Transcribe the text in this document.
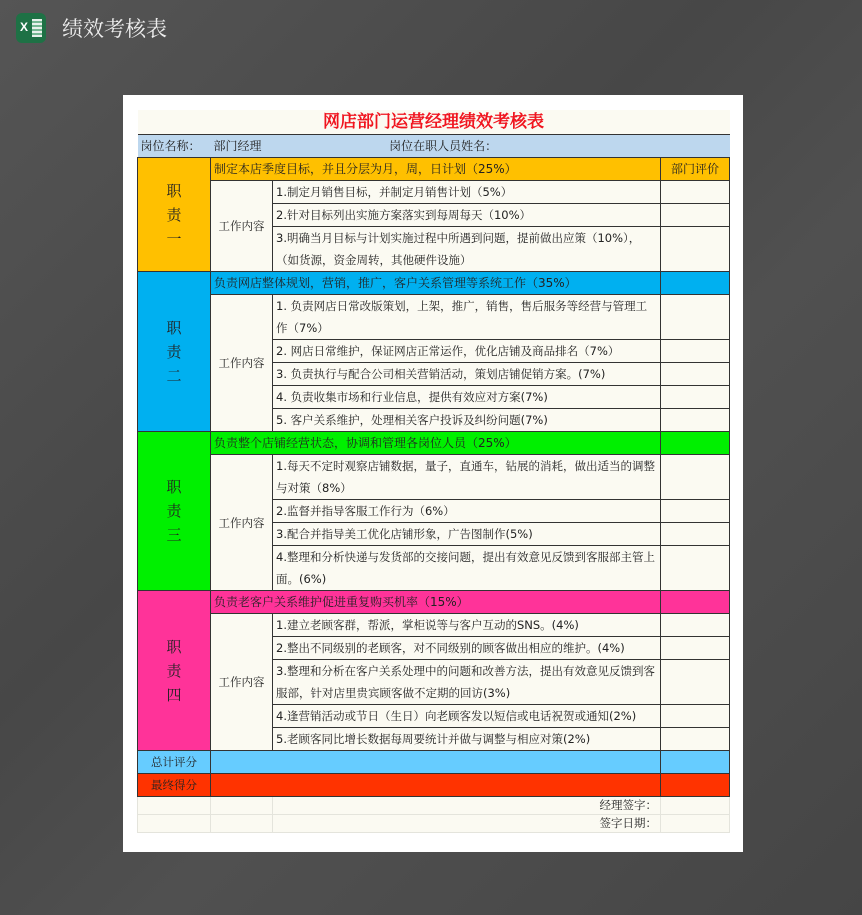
X 绩效考核表
网店部门运营经理绩效考核表			
岗位名称：	部门经理 岗位在职人员姓名：		

职
责
一	制定本店季度目标，并且分层为月，周，日计划（25%）		部门评价
	工作内容	1.制定月销售目标，并制定月销售计划（5%）	
		2.针对目标列出实施方案落实到每周每天（10%）	
		3.明确当月目标与计划实施过程中所遇到问题，提前做出应策（10%），（如货源，资金周转，其他硬件设施）	

职
责
二	负责网店整体规划，营销，推广，客户关系管理等系统工作（35%）		
	工作内容	1. 负责网店日常改版策划，上架，推广，销售，售后服务等经营与管理工作（7%）	
		2. 网店日常维护，保证网店正常运作，优化店铺及商品排名（7%）	
		3. 负责执行与配合公司相关营销活动，策划店铺促销方案。(7%)	
		4. 负责收集市场和行业信息，提供有效应对方案(7%)	
		5. 客户关系维护，处理相关客户投诉及纠纷问题(7%)	

职
责
三	负责整个店铺经营状态，协调和管理各岗位人员（25%）		
	工作内容	1.每天不定时观察店铺数据，量子，直通车，钻展的消耗，做出适当的调整与对策（8%）	
		2.监督并指导客服工作行为（6%）	
		3.配合并指导美工优化店铺形象，广告图制作(5%)	
		4.整理和分析快递与发货部的交接问题，提出有效意见反馈到客服部主管上面。(6%)	

职
责
四	负责老客户关系维护促进重复购买机率（15%）		
	工作内容	1.建立老顾客群，帮派，掌柜说等与客户互动的SNS。(4%)	
		2.整出不同级别的老顾客，对不同级别的顾客做出相应的维护。(4%)	
		3.整理和分析在客户关系处理中的问题和改善方法，提出有效意见反馈到客服部，针对店里贵宾顾客做不定期的回访(3%)	
		4.逢营销活动或节日（生日）向老顾客发以短信或电话祝贺或通知(2%)	
		5.老顾客同比增长数据每周要统计并做与调整与相应对策(2%)	
总计评分			
最终得分			
		经理签字：	
		签字日期：	
